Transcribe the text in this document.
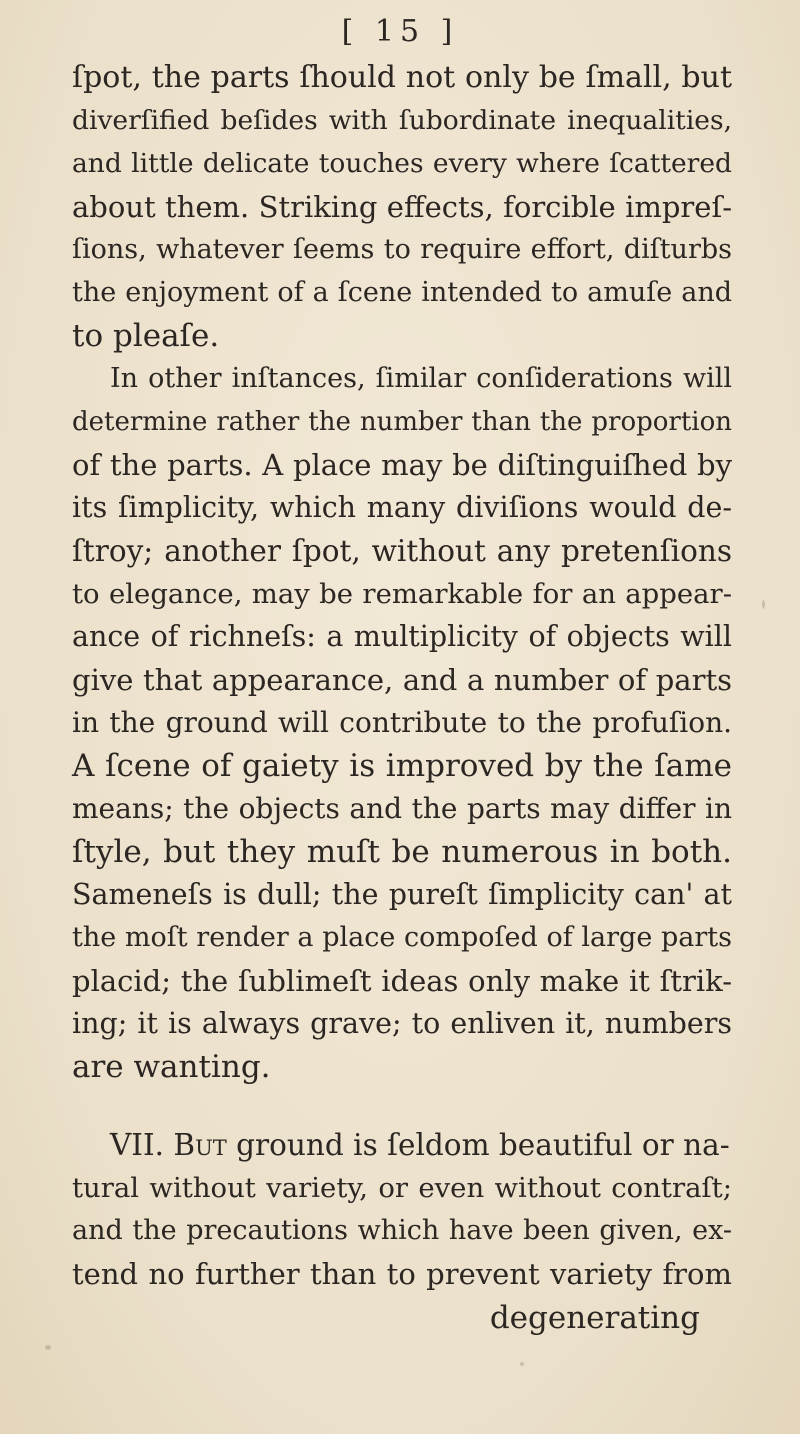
[ 15 ]
ſpot, the parts ſhould not only be ſmall, but
diverſified beſides with ſubordinate inequalities,
and little delicate touches every where ſcattered
about them. Striking effects, forcible impreſ-
ſions, whatever ſeems to require effort, diſturbs
the enjoyment of a ſcene intended to amuſe and
to pleaſe.
In other inſtances, ſimilar conſiderations will
determine rather the number than the proportion
of the parts. A place may be diſtinguiſhed by
its ſimplicity, which many diviſions would de-
ſtroy; another ſpot, without any pretenſions
to elegance, may be remarkable for an appear-
ance of richneſs: a multiplicity of objects will
give that appearance, and a number of parts
in the ground will contribute to the profuſion.
A ſcene of gaiety is improved by the ſame
means; the objects and the parts may differ in
ſtyle, but they muſt be numerous in both.
Sameneſs is dull; the pureſt ſimplicity can' at
the moſt render a place compoſed of large parts
placid; the ſublimeſt ideas only make it ſtrik-
ing; it is always grave; to enliven it, numbers
are wanting.
VII. But ground is ſeldom beautiful or na-
tural without variety, or even without contraſt;
and the precautions which have been given, ex-
tend no further than to prevent variety from
degenerating
